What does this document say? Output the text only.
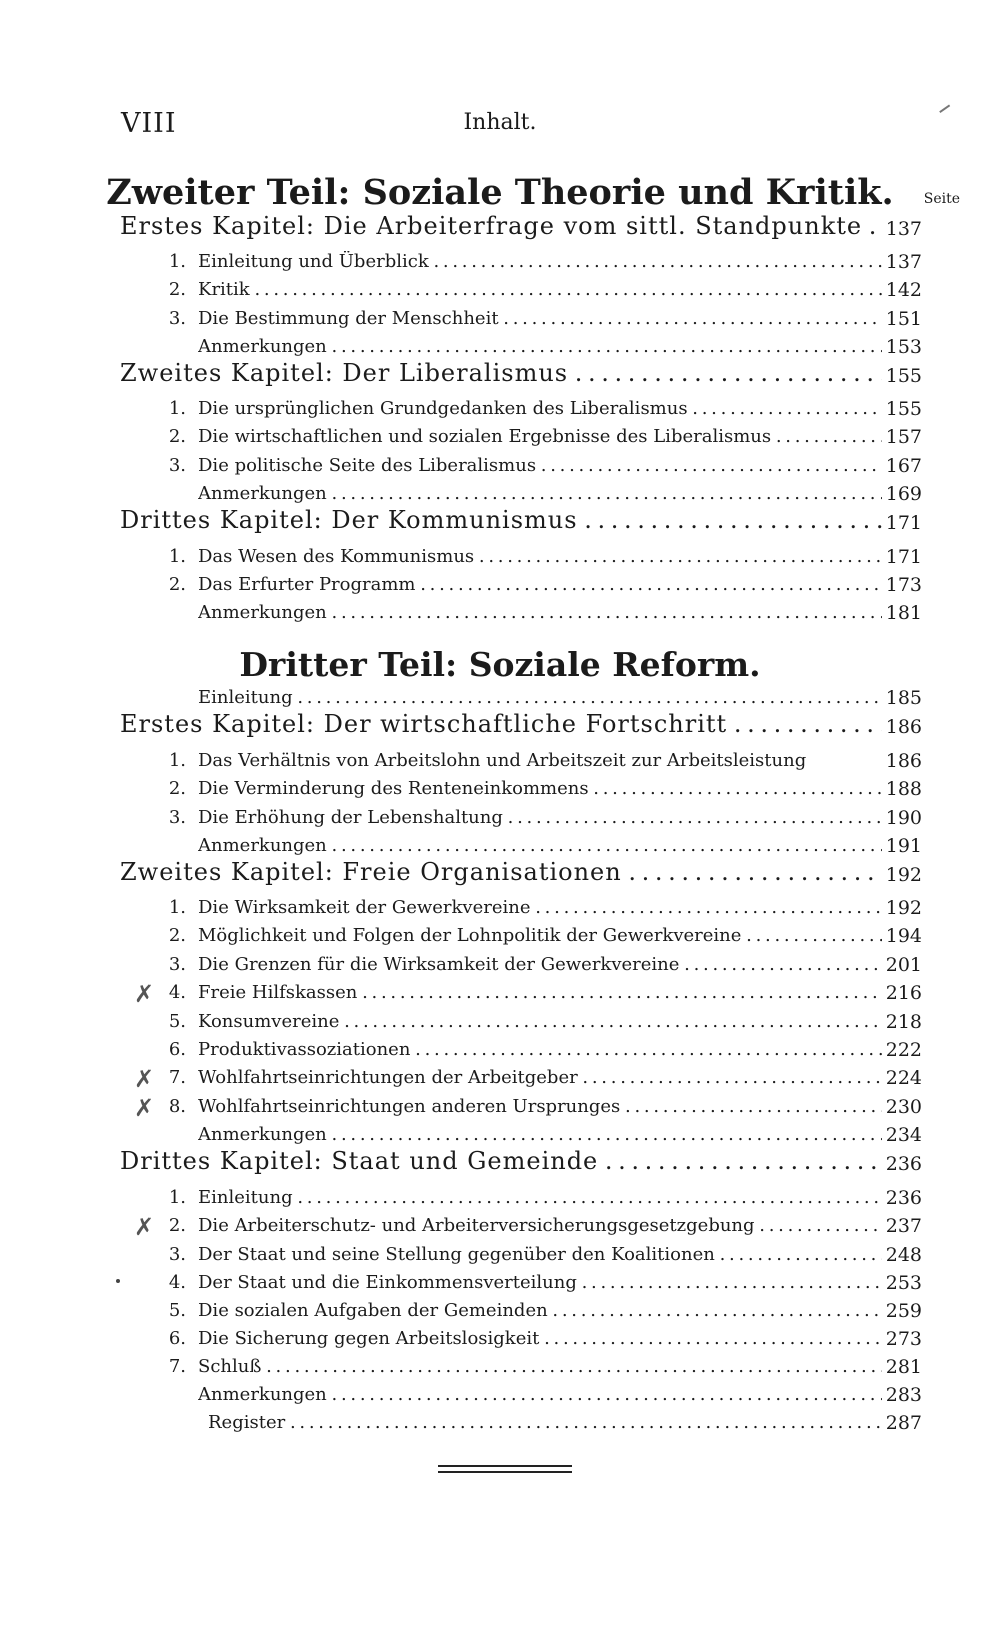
VIII	Inhalt.
Zweiter Teil: Soziale Theorie und Kritik.	Seite
Erstes Kapitel: Die Arbeiterfrage vom sittl. Standpunkte . . .	137
1. Einleitung und Überblick . . .	137
2. Kritik . . .	142
3. Die Bestimmung der Menschheit . . .	151
Anmerkungen . . .	153
Zweites Kapitel: Der Liberalismus . . .	155
1. Die ursprünglichen Grundgedanken des Liberalismus . . .	155
2. Die wirtschaftlichen und sozialen Ergebnisse des Liberalismus . . .	157
3. Die politische Seite des Liberalismus . . .	167
Anmerkungen . . .	169
Drittes Kapitel: Der Kommunismus . . .	171
1. Das Wesen des Kommunismus . . .	171
2. Das Erfurter Programm . . .	173
Anmerkungen . . .	181
Dritter Teil: Soziale Reform.
Einleitung . . .	185
Erstes Kapitel: Der wirtschaftliche Fortschritt . . .	186
1. Das Verhältnis von Arbeitslohn und Arbeitszeit zur Arbeitsleistung	186
2. Die Verminderung des Renteneinkommens . . .	188
3. Die Erhöhung der Lebenshaltung . . .	190
Anmerkungen . . .	191
Zweites Kapitel: Freie Organisationen . . .	192
1. Die Wirksamkeit der Gewerkvereine . . .	192
2. Möglichkeit und Folgen der Lohnpolitik der Gewerkvereine . . .	194
3. Die Grenzen für die Wirksamkeit der Gewerkvereine . . .	201
✗ 4. Freie Hilfskassen . . .	216
5. Konsumvereine . . .	218
6. Produktivassoziationen . . .	222
✗ 7. Wohlfahrtseinrichtungen der Arbeitgeber . . .	224
✗ 8. Wohlfahrtseinrichtungen anderen Ursprunges . . .	230
Anmerkungen . . .	234
Drittes Kapitel: Staat und Gemeinde . . .	236
1. Einleitung . . .	236
✗ 2. Die Arbeiterschutz- und Arbeiterversicherungsgesetzgebung . . .	237
3. Der Staat und seine Stellung gegenüber den Koalitionen . . .	248
4. Der Staat und die Einkommensverteilung . . .	253
5. Die sozialen Aufgaben der Gemeinden . . .	259
6. Die Sicherung gegen Arbeitslosigkeit . . .	273
7. Schluß . . .	281
Anmerkungen . . .	283
Register . . .	287
